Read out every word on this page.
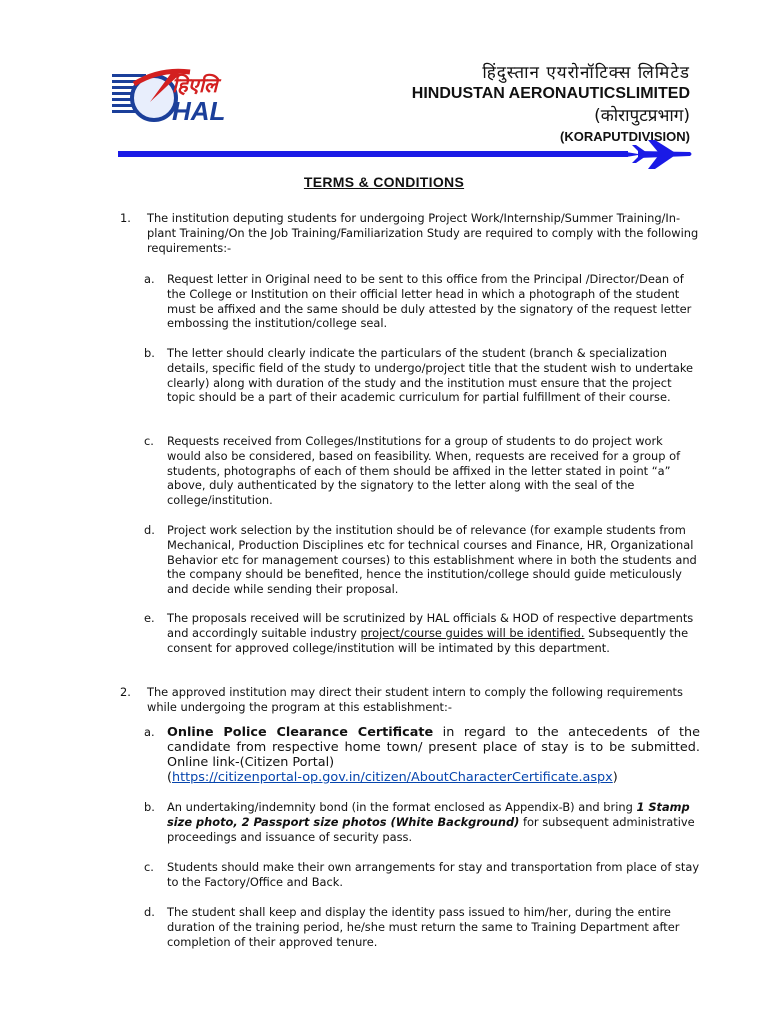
हिएलि
HAL
हिंदुस्तान एयरोनॉटिक्स लिमिटेड
HINDUSTAN AERONAUTICSLIMITED
(कोरापुटप्रभाग)
(KORAPUTDIVISION)
TERMS & CONDITIONS
1.	The institution deputing students for undergoing Project Work/Internship/Summer Training/In-plant Training/On the Job Training/Familiarization Study are required to comply with the following requirements:-
a.	Request letter in Original need to be sent to this office from the Principal /Director/Dean of the College or Institution on their official letter head in which a photograph of the student must be affixed and the same should be duly attested by the signatory of the request letter embossing the institution/college seal.
b.	The letter should clearly indicate the particulars of the student (branch & specialization details, specific field of the study to undergo/project title that the student wish to undertake clearly) along with duration of the study and the institution must ensure that the project topic should be a part of their academic curriculum for partial fulfillment of their course.
c.	Requests received from Colleges/Institutions for a group of students to do project work would also be considered, based on feasibility. When, requests are received for a group of students, photographs of each of them should be affixed in the letter stated in point “a” above, duly authenticated by the signatory to the letter along with the seal of the college/institution.
d.	Project work selection by the institution should be of relevance (for example students from Mechanical, Production Disciplines etc for technical courses and Finance, HR, Organizational Behavior etc for management courses) to this establishment where in both the students and the company should be benefited, hence the institution/college should guide meticulously and decide while sending their proposal.
e.	The proposals received will be scrutinized by HAL officials & HOD of respective departments and accordingly suitable industry project/course guides will be identified. Subsequently the consent for approved college/institution will be intimated by this department.
2.	The approved institution may direct their student intern to comply the following requirements while undergoing the program at this establishment:-
a. Online Police Clearance Certificate in regard to the antecedents of the candidate from respective home town/ present place of stay is to be submitted. Online link-(Citizen Portal)
(https://citizenportal-op.gov.in/citizen/AboutCharacterCertificate.aspx)
b.	An undertaking/indemnity bond (in the format enclosed as Appendix-B) and bring 1 Stamp size photo, 2 Passport size photos (White Background) for subsequent administrative proceedings and issuance of security pass.
c.	Students should make their own arrangements for stay and transportation from place of stay to the Factory/Office and Back.
d.	The student shall keep and display the identity pass issued to him/her, during the entire duration of the training period, he/she must return the same to Training Department after completion of their approved tenure.
